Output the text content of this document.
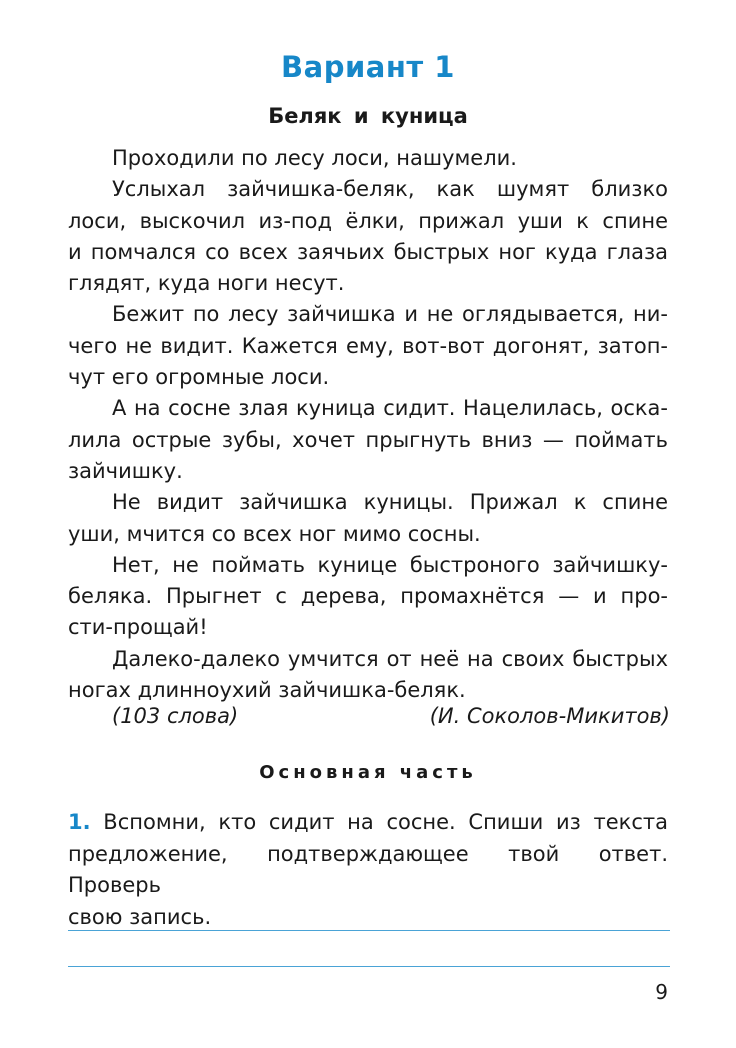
Вариант 1
Беляк и куница
Проходили по лесу лоси, нашумели.
Услыхал зайчишка-беляк, как шумят близко
лоси, выскочил из-под ёлки, прижал уши к спине
и помчался со всех заячьих быстрых ног куда глаза
глядят, куда ноги несут.
Бежит по лесу зайчишка и не оглядывается, ни-
чего не видит. Кажется ему, вот-вот догонят, затоп-
чут его огромные лоси.
А на сосне злая куница сидит. Нацелилась, оска-
лила острые зубы, хочет прыгнуть вниз — поймать
зайчишку.
Не видит зайчишка куницы. Прижал к спине
уши, мчится со всех ног мимо сосны.
Нет, не поймать кунице быстроного зайчишку-
беляка. Прыгнет с дерева, промахнётся — и про-
сти-прощай!
Далеко-далеко умчится от неё на своих быстрых
ногах длинноухий зайчишка-беляк.
(103 слова)	(И. Соколов-Микитов)
Основная часть
1. Вспомни, кто сидит на сосне. Спиши из текста
предложение, подтверждающее твой ответ. Проверь
свою запись.
9
